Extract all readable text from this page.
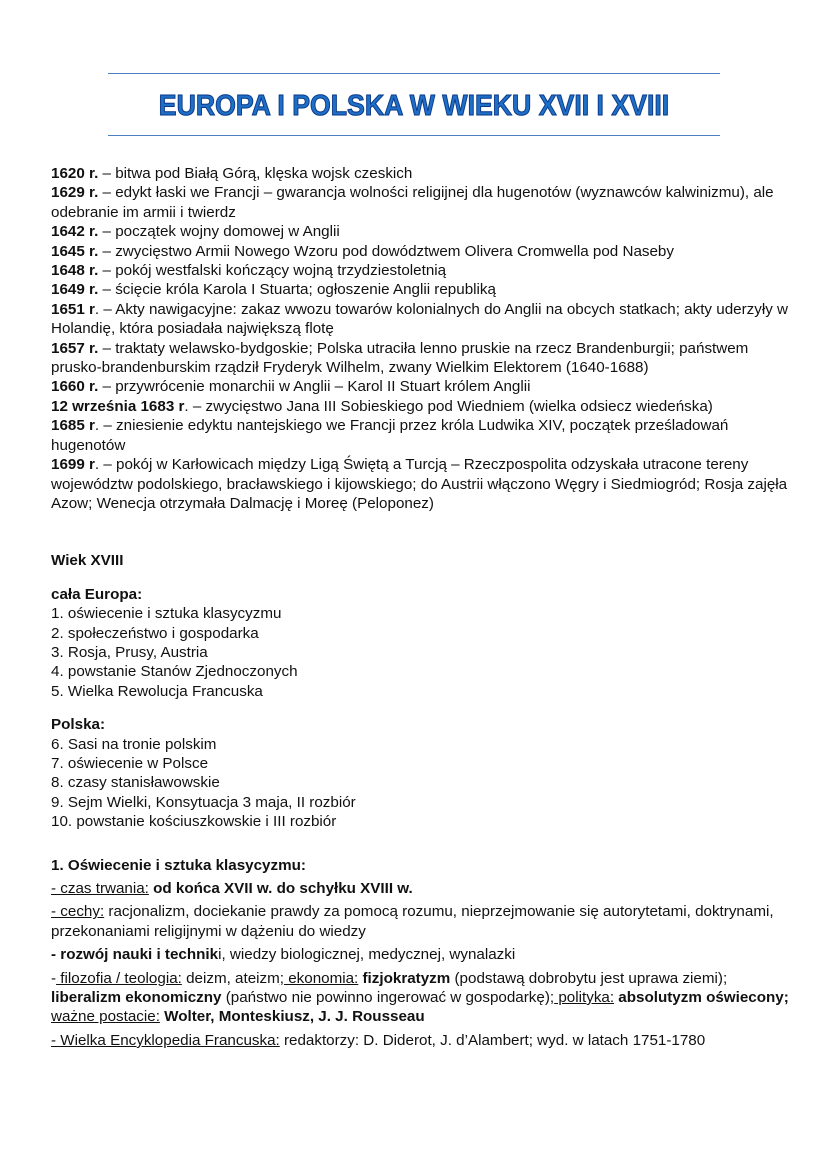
EUROPA I POLSKA W WIEKU XVII I XVIII

1620 r. – bitwa pod Białą Górą, klęska wojsk czeskich

1629 r. – edykt łaski we Francji – gwarancja wolności religijnej dla hugenotów (wyznawców kalwinizmu), ale odebranie im armii i twierdz

1642 r. – początek wojny domowej w Anglii

1645 r. – zwycięstwo Armii Nowego Wzoru pod dowództwem Olivera Cromwella pod Naseby

1648 r. – pokój westfalski kończący wojną trzydziestoletnią

1649 r. – ścięcie króla Karola I Stuarta; ogłoszenie Anglii republiką

1651 r. – Akty nawigacyjne: zakaz wwozu towarów kolonialnych do Anglii na obcych statkach; akty uderzyły w Holandię, która posiadała największą flotę

1657 r. – traktaty welawsko-bydgoskie; Polska utraciła lenno pruskie na rzecz Brandenburgii; państwem prusko-brandenburskim rządził Fryderyk Wilhelm, zwany Wielkim Elektorem (1640-1688)

1660 r. – przywrócenie monarchii w Anglii – Karol II Stuart królem Anglii

12 września 1683 r. – zwycięstwo Jana III Sobieskiego pod Wiedniem (wielka odsiecz wiedeńska)

1685 r. – zniesienie edyktu nantejskiego we Francji przez króla Ludwika XIV, początek prześladowań hugenotów

1699 r. – pokój w Karłowicach między Ligą Świętą a Turcją – Rzeczpospolita odzyskała utracone tereny województw podolskiego, bracławskiego i kijowskiego; do Austrii włączono Węgry i Siedmiogród; Rosja zajęła Azow; Wenecja otrzymała Dalmację i Moreę (Peloponez)

Wiek XVIII

cała Europa:

1. oświecenie i sztuka klasycyzmu

2. społeczeństwo i gospodarka

3. Rosja, Prusy, Austria

4. powstanie Stanów Zjednoczonych

5. Wielka Rewolucja Francuska

Polska:

6. Sasi na tronie polskim

7. oświecenie w Polsce

8. czasy stanisławowskie

9. Sejm Wielki, Konsytuacja 3 maja, II rozbiór

10. powstanie kościuszkowskie i III rozbiór

1. Oświecenie i sztuka klasycyzmu:

- czas trwania: od końca XVII w. do schyłku XVIII w.

- cechy: racjonalizm, dociekanie prawdy za pomocą rozumu, nieprzejmowanie się autorytetami, doktrynami, przekonaniami religijnymi w dążeniu do wiedzy

- rozwój nauki i techniki, wiedzy biologicznej, medycznej, wynalazki

- filozofia / teologia: deizm, ateizm; ekonomia: fizjokratyzm (podstawą dobrobytu jest uprawa ziemi); liberalizm ekonomiczny (państwo nie powinno ingerować w gospodarkę); polityka: absolutyzm oświecony; ważne postacie: Wolter, Monteskiusz, J. J. Rousseau

- Wielka Encyklopedia Francuska: redaktorzy: D. Diderot, J. d’Alambert; wyd. w latach 1751-1780
